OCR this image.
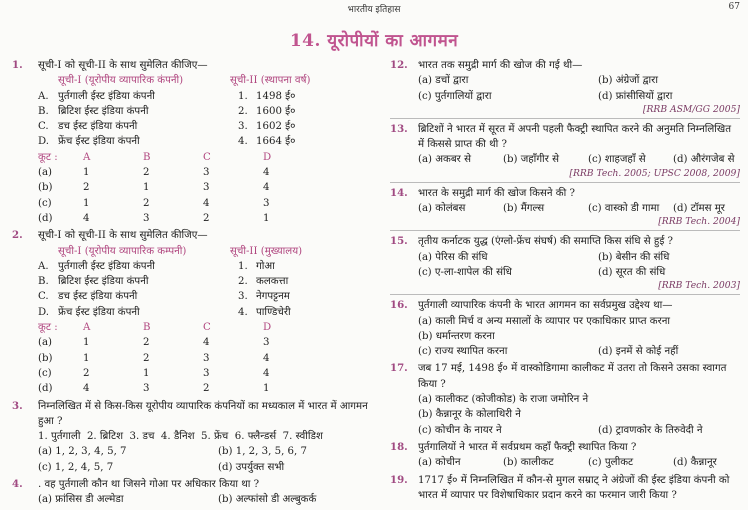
भारतीय इतिहास	67
14. यूरोपीयों का आगमन
1.	सूची-I को सूची-II के साथ सुमेलित कीजिए—
सूची-I (यूरोपीय व्यापारिक कंपनी)	सूची-II (स्थापना वर्ष)
A. पुर्तगाली ईस्ट इंडिया कंपनी	1. 1498 ई०
B. ब्रिटिश ईस्ट इंडिया कंपनी	2. 1600 ई०
C. डच ईस्ट इंडिया कंपनी	3. 1602 ई०
D. फ्रेंच ईस्ट इंडिया कंपनी	4. 1664 ई०
कूट :	A	B	C	D
(a)	1	2	3	4
(b)	2	1	3	4
(c)	1	2	4	3
(d)	4	3	2	1
2.	सूची-I को सूची-II के साथ सुमेलित कीजिए—
सूची-I (यूरोपीय व्यापारिक कम्पनी)	सूची-II (मुख्यालय)
A. पुर्तगाली ईस्ट इंडिया कंपनी	1. गोआ
B. ब्रिटिश ईस्ट इंडिया कंपनी	2. कलकत्ता
C. डच ईस्ट इंडिया कंपनी	3. नेगपट्टनम
D. फ्रेंच ईस्ट इंडिया कंपनी	4. पाण्डिचेरी
कूट :	A	B	C	D
(a)	1	2	4	3
(b)	1	2	3	4
(c)	2	1	3	4
(d)	4	3	2	1
3.	निम्नलिखित में से किस-किस यूरोपीय व्यापारिक कंपनियों का मध्यकाल में भारत में आगमन हुआ ?
1. पुर्तगाली  2. ब्रिटिश  3. डच  4. डैनिश  5. फ्रेंच  6. फ्लैन्डर्स  7. स्वीडिश
(a) 1, 2, 3, 4, 5, 7	(b) 1, 2, 3, 5, 6, 7
(c) 1, 2, 4, 5, 7	(d) उपर्युक्त सभी
4.	. वह पुर्तगाली कौन था जिसने गोआ पर अधिकार किया था ?
(a) फ्रांसिस डी अल्मेडा	(b) अल्फांसो डी अल्बुकर्क
12.	भारत तक समुद्री मार्ग की खोज की गई थी—
(a) डचों द्वारा	(b) अंग्रेजों द्वारा
(c) पुर्तगालियों द्वारा	(d) फ्रांसीसियों द्वारा
[RRB ASM/GG 2005]
13.	ब्रिटिशों ने भारत में सूरत में अपनी पहली फैक्ट्री स्थापित करने की अनुमति निम्नलिखित में किससे प्राप्त की थी ?
(a) अकबर से	(b) जहाँगीर से	(c) शाहजहाँ से	(d) औरंगजेब से
[RRB Tech. 2005; UPSC 2008, 2009]
14.	भारत के समुद्री मार्ग की खोज किसने की ?
(a) कोलंबस	(b) मैंगल्स	(c) वास्को डी गामा	(d) टॉमस मूर
[RRB Tech. 2004]
15.	तृतीय कर्नाटक युद्ध (एंग्लो-फ्रेंच संघर्ष) की समाप्ति किस संधि से हुई ?
(a) पेरिस की संधि	(b) बेसीन की संधि
(c) ए-ला-शापेल की संधि	(d) सूरत की संधि
[RRB Tech. 2003]
16.	पुर्तगाली व्यापारिक कंपनी के भारत आगमन का सर्वप्रमुख उद्देश्य था—
(a) काली मिर्च व अन्य मसालों के व्यापार पर एकाधिकार प्राप्त करना
(b) धर्मान्तरण करना
(c) राज्य स्थापित करना	(d) इनमें से कोई नहीं
17.	जब 17 मई, 1498 ई० में वास्कोडिगामा कालीकट में उतरा तो किसने उसका स्वागत किया ?
(a) कालीकट (कोजीकोड) के राजा जमोरिन ने
(b) कैन्नानूर के कोलाथिरी ने
(c) कोचीन के नायर ने	(d) ट्रावणकोर के तिरुवेदी ने
18.	पुर्तगालियों ने भारत में सर्वप्रथम कहाँ फैक्ट्री स्थापित किया ?
(a) कोचीन	(b) कालीकट	(c) पुलीकट	(d) कैन्नानूर
19.	1717 ई० में निम्नलिखित में कौन-से मुगल सम्राट् ने अंग्रेजों की ईस्ट इंडिया कंपनी को भारत में व्यापार पर विशेषाधिकार प्रदान करने का फरमान जारी किया ?
